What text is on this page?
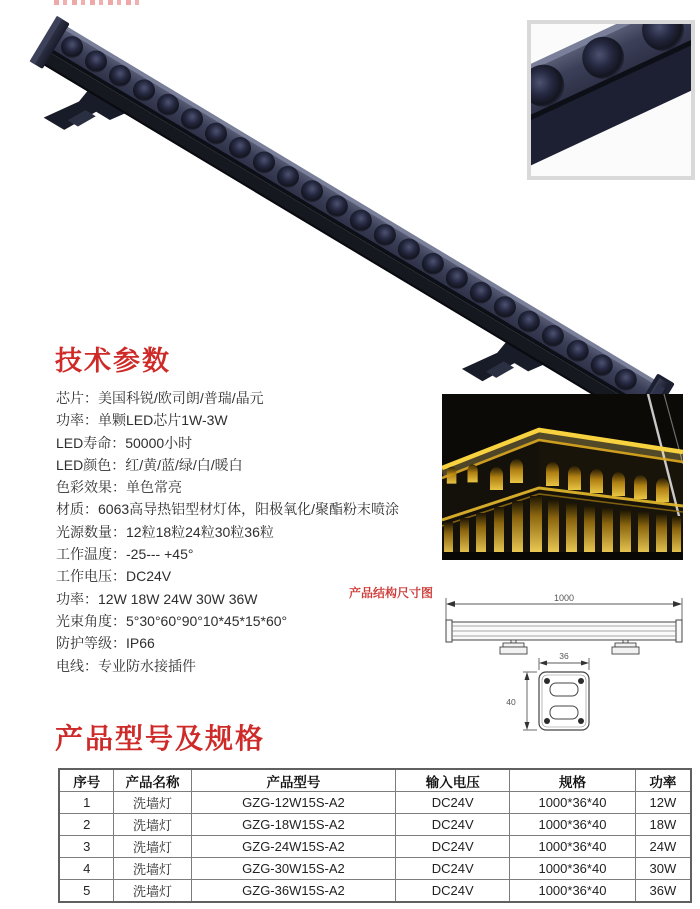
技术参数
芯片：美国科锐/欧司朗/普瑞/晶元
功率：单颗LED芯片1W-3W
LED寿命：50000小时
LED颜色：红/黄/蓝/绿/白/暖白
色彩效果：单色常亮
材质：6063高导热铝型材灯体，阳极氧化/聚酯粉末喷涂
光源数量：12粒18粒24粒30粒36粒
工作温度：-25--- +45°
工作电压：DC24V
功率：12W 18W 24W 30W 36W
光束角度：5°30°60°90°10*45*15*60°
防护等级：IP66
电线：专业防水接插件
产品结构尺寸图	1000
36
40
产品型号及规格
序号	产品名称	产品型号	输入电压	规格	功率
1	洗墙灯	GZG-12W15S-A2	DC24V	1000*36*40	12W
2	洗墙灯	GZG-18W15S-A2	DC24V	1000*36*40	18W
3	洗墙灯	GZG-24W15S-A2	DC24V	1000*36*40	24W
4	洗墙灯	GZG-30W15S-A2	DC24V	1000*36*40	30W
5	洗墙灯	GZG-36W15S-A2	DC24V	1000*36*40	36W
